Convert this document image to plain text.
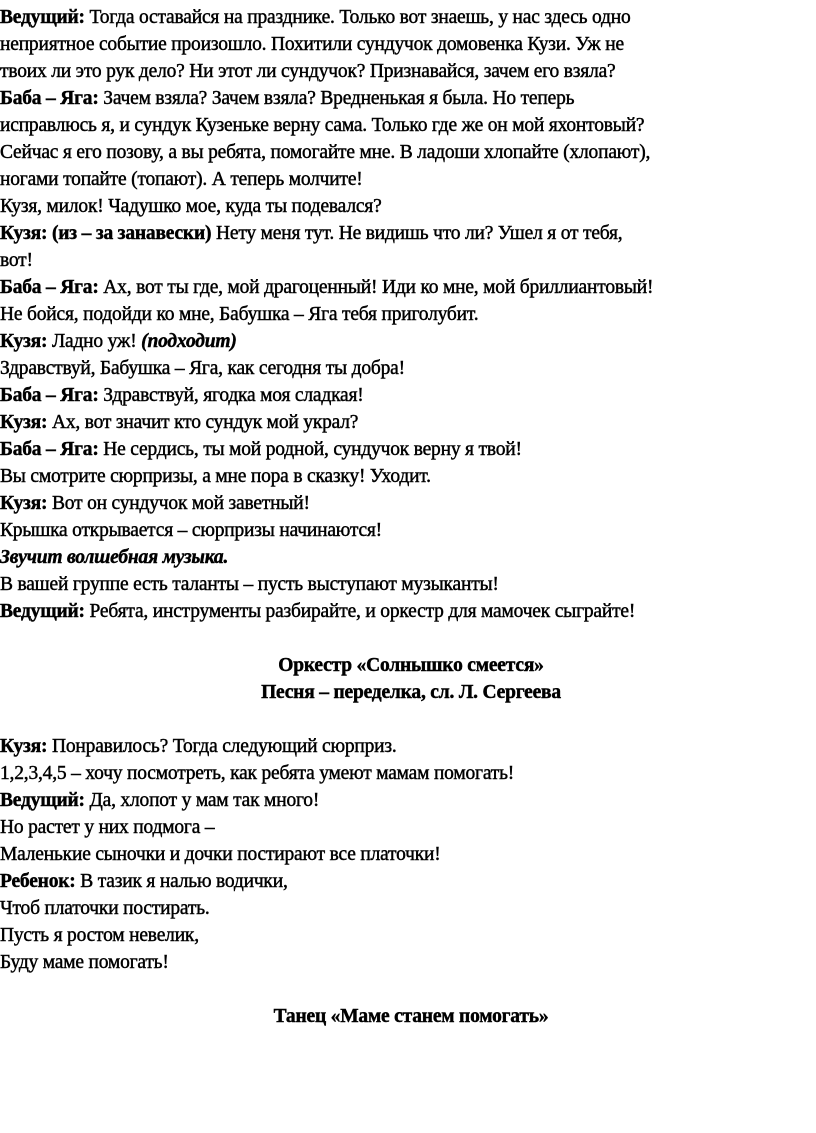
Ведущий: Тогда оставайся на празднике. Только вот знаешь, у нас здесь одно
неприятное событие произошло. Похитили сундучок домовенка Кузи. Уж не
твоих ли это рук дело? Ни этот ли сундучок? Признавайся, зачем его взяла?
Баба – Яга: Зачем взяла? Зачем взяла? Вредненькая я была. Но теперь
исправлюсь я, и сундук Кузеньке верну сама. Только где же он мой яхонтовый?
Сейчас я его позову, а вы ребята, помогайте мне. В ладоши хлопайте (хлопают),
ногами топайте (топают). А теперь молчите!
Кузя, милок! Чадушко мое, куда ты подевался?
Кузя: (из – за занавески) Нету меня тут. Не видишь что ли? Ушел я от тебя,
вот!
Баба – Яга: Ах, вот ты где, мой драгоценный! Иди ко мне, мой бриллиантовый!
Не бойся, подойди ко мне, Бабушка – Яга тебя приголубит.
Кузя: Ладно уж! (подходит)
Здравствуй, Бабушка – Яга, как сегодня ты добра!
Баба – Яга: Здравствуй, ягодка моя сладкая!
Кузя: Ах, вот значит кто сундук мой украл?
Баба – Яга: Не сердись, ты мой родной, сундучок верну я твой!
Вы смотрите сюрпризы, а мне пора в сказку! Уходит.
Кузя: Вот он сундучок мой заветный!
Крышка открывается – сюрпризы начинаются!
Звучит волшебная музыка.
В вашей группе есть таланты – пусть выступают музыканты!
Ведущий: Ребята, инструменты разбирайте, и оркестр для мамочек сыграйте!
Оркестр «Солнышко смеется»
Песня – переделка, сл. Л. Сергеева
Кузя: Понравилось? Тогда следующий сюрприз.
1,2,3,4,5 – хочу посмотреть, как ребята умеют мамам помогать!
Ведущий: Да, хлопот у мам так много!
Но растет у них подмога –
Маленькие сыночки и дочки постирают все платочки!
Ребенок: В тазик я налью водички,
Чтоб платочки постирать.
Пусть я ростом невелик,
Буду маме помогать!
Танец «Маме станем помогать»
